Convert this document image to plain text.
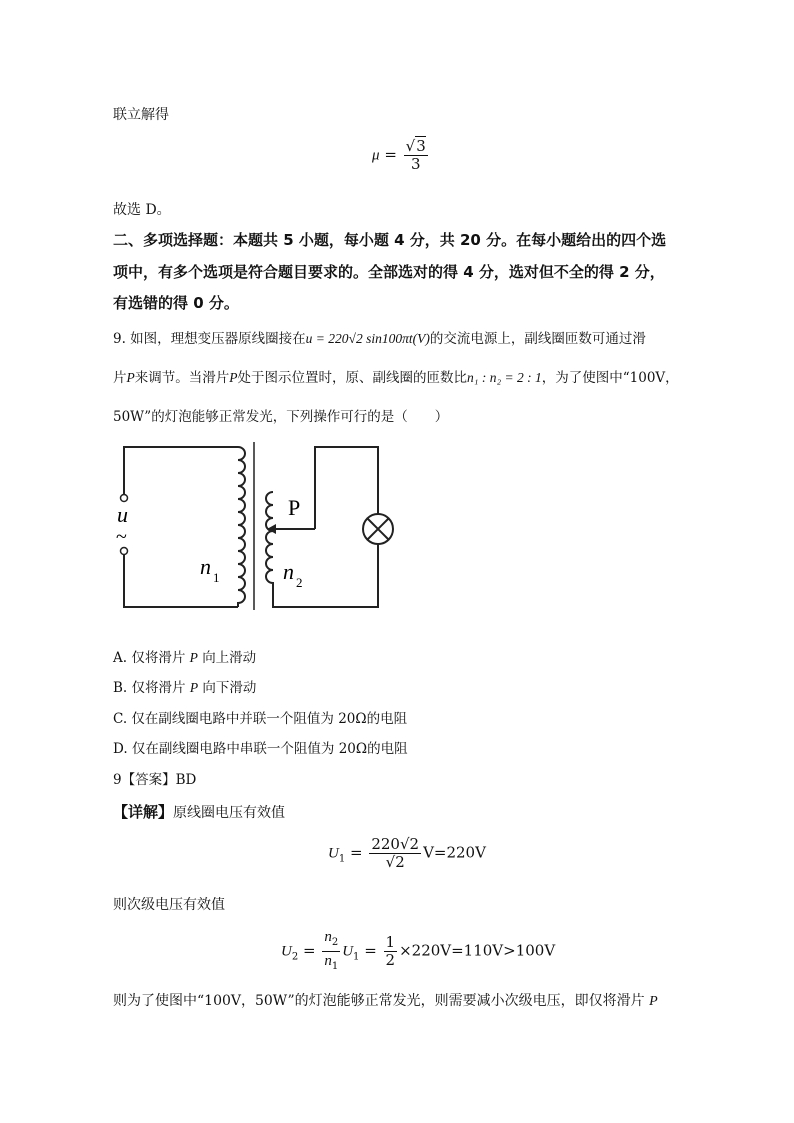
联立解得
$\mu = \frac{√3}{3}$
故选 D。
二、多项选择题：本题共 5 小题，每小题 4 分，共 20 分。在每小题给出的四个选
项中，有多个选项是符合题目要求的。全部选对的得 4 分，选对但不全的得 2 分，
有选错的得 0 分。
9. 如图，理想变压器原线圈接在u = 220√2 sin100πt(V)的交流电源上，副线圈匝数可通过滑
片P来调节。当滑片P处于图示位置时，原、副线圈的匝数比n₁ : n₂ = 2 : 1，为了使图中“100V，
50W”的灯泡能够正常发光，下列操作可行的是（　　）
u
~
P
n 1	n 2
A. 仅将滑片 P 向上滑动
B. 仅将滑片 P 向下滑动
C. 仅在副线圈电路中并联一个阻值为 20Ω的电阻
D. 仅在副线圈电路中串联一个阻值为 20Ω的电阻
9【答案】BD
【详解】原线圈电压有效值
$U_1 = \frac{220√2}{√2} V=220V$
则次级电压有效值
$U_2 = \frac{n_2}{n_1} U_1 = \frac{1}{2} \times 220V=110V>100V$
则为了使图中“100V，50W”的灯泡能够正常发光，则需要减小次级电压，即仅将滑片 P
